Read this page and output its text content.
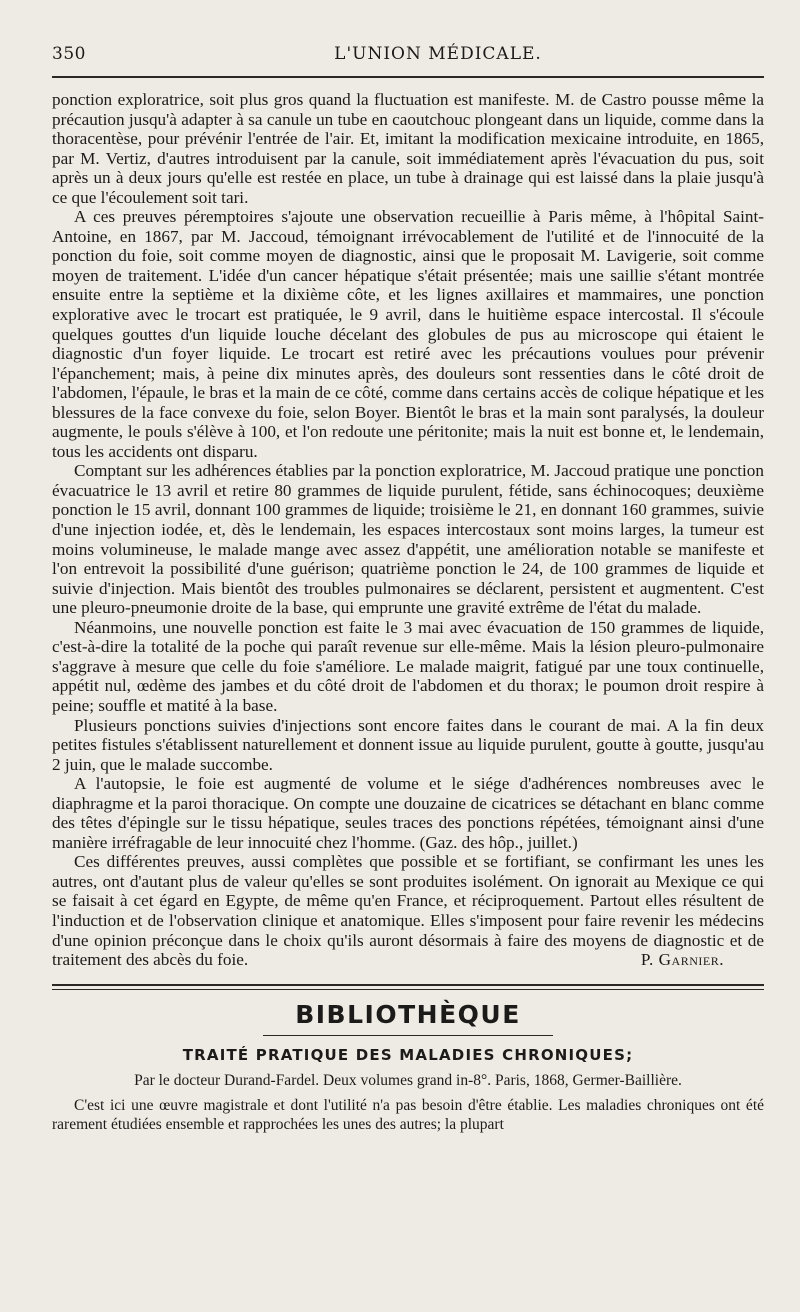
350	L'UNION MÉDICALE.

ponction exploratrice, soit plus gros quand la fluctuation est manifeste. M. de Castro pousse même la précaution jusqu'à adapter à sa canule un tube en caoutchouc plongeant dans un liquide, comme dans la thoracentèse, pour prévénir l'entrée de l'air. Et, imitant la modification mexicaine introduite, en 1865, par M. Vertiz, d'autres introduisent par la canule, soit immédiatement après l'évacuation du pus, soit après un à deux jours qu'elle est restée en place, un tube à drainage qui est laissé dans la plaie jusqu'à ce que l'écoulement soit tari.

A ces preuves péremptoires s'ajoute une observation recueillie à Paris même, à l'hôpital Saint-Antoine, en 1867, par M. Jaccoud, témoignant irrévocablement de l'utilité et de l'innocuité de la ponction du foie, soit comme moyen de diagnostic, ainsi que le proposait M. Lavigerie, soit comme moyen de traitement. L'idée d'un cancer hépatique s'était présentée; mais une saillie s'étant montrée ensuite entre la septième et la dixième côte, et les lignes axillaires et mammaires, une ponction explorative avec le trocart est pratiquée, le 9 avril, dans le huitième espace intercostal. Il s'écoule quelques gouttes d'un liquide louche décelant des globules de pus au microscope qui étaient le diagnostic d'un foyer liquide. Le trocart est retiré avec les précautions voulues pour prévenir l'épanchement; mais, à peine dix minutes après, des douleurs sont ressenties dans le côté droit de l'abdomen, l'épaule, le bras et la main de ce côté, comme dans certains accès de colique hépatique et les blessures de la face convexe du foie, selon Boyer. Bientôt le bras et la main sont paralysés, la douleur augmente, le pouls s'élève à 100, et l'on redoute une péritonite; mais la nuit est bonne et, le lendemain, tous les accidents ont disparu.

Comptant sur les adhérences établies par la ponction exploratrice, M. Jaccoud pratique une ponction évacuatrice le 13 avril et retire 80 grammes de liquide purulent, fétide, sans échinocoques; deuxième ponction le 15 avril, donnant 100 grammes de liquide; troisième le 21, en donnant 160 grammes, suivie d'une injection iodée, et, dès le lendemain, les espaces intercostaux sont moins larges, la tumeur est moins volumineuse, le malade mange avec assez d'appétit, une amélioration notable se manifeste et l'on entrevoit la possibilité d'une guérison; quatrième ponction le 24, de 100 grammes de liquide et suivie d'injection. Mais bientôt des troubles pulmonaires se déclarent, persistent et augmentent. C'est une pleuro-pneumonie droite de la base, qui emprunte une gravité extrême de l'état du malade.

Néanmoins, une nouvelle ponction est faite le 3 mai avec évacuation de 150 grammes de liquide, c'est-à-dire la totalité de la poche qui paraît revenue sur elle-même. Mais la lésion pleuro-pulmonaire s'aggrave à mesure que celle du foie s'améliore. Le malade maigrit, fatigué par une toux continuelle, appétit nul, œdème des jambes et du côté droit de l'abdomen et du thorax; le poumon droit respire à peine; souffle et matité à la base.

Plusieurs ponctions suivies d'injections sont encore faites dans le courant de mai. A la fin deux petites fistules s'établissent naturellement et donnent issue au liquide purulent, goutte à goutte, jusqu'au 2 juin, que le malade succombe.

A l'autopsie, le foie est augmenté de volume et le siége d'adhérences nombreuses avec le diaphragme et la paroi thoracique. On compte une douzaine de cicatrices se détachant en blanc comme des têtes d'épingle sur le tissu hépatique, seules traces des ponctions répétées, témoignant ainsi d'une manière irréfragable de leur innocuité chez l'homme. (Gaz. des hôp., juillet.)

Ces différentes preuves, aussi complètes que possible et se fortifiant, se confirmant les unes les autres, ont d'autant plus de valeur qu'elles se sont produites isolément. On ignorait au Mexique ce qui se faisait à cet égard en Egypte, de même qu'en France, et réciproquement. Partout elles résultent de l'induction et de l'observation clinique et anatomique. Elles s'imposent pour faire revenir les médecins d'une opinion préconçue dans le choix qu'ils auront désormais à faire des moyens de diagnostic et de traitement des abcès du foie.	P. Garnier.

BIBLIOTHÈQUE
TRAITÉ PRATIQUE DES MALADIES CHRONIQUES;
Par le docteur Durand-Fardel. Deux volumes grand in-8°. Paris, 1868, Germer-Baillière.

C'est ici une œuvre magistrale et dont l'utilité n'a pas besoin d'être établie. Les maladies chroniques ont été rarement étudiées ensemble et rapprochées les unes des autres; la plupart
